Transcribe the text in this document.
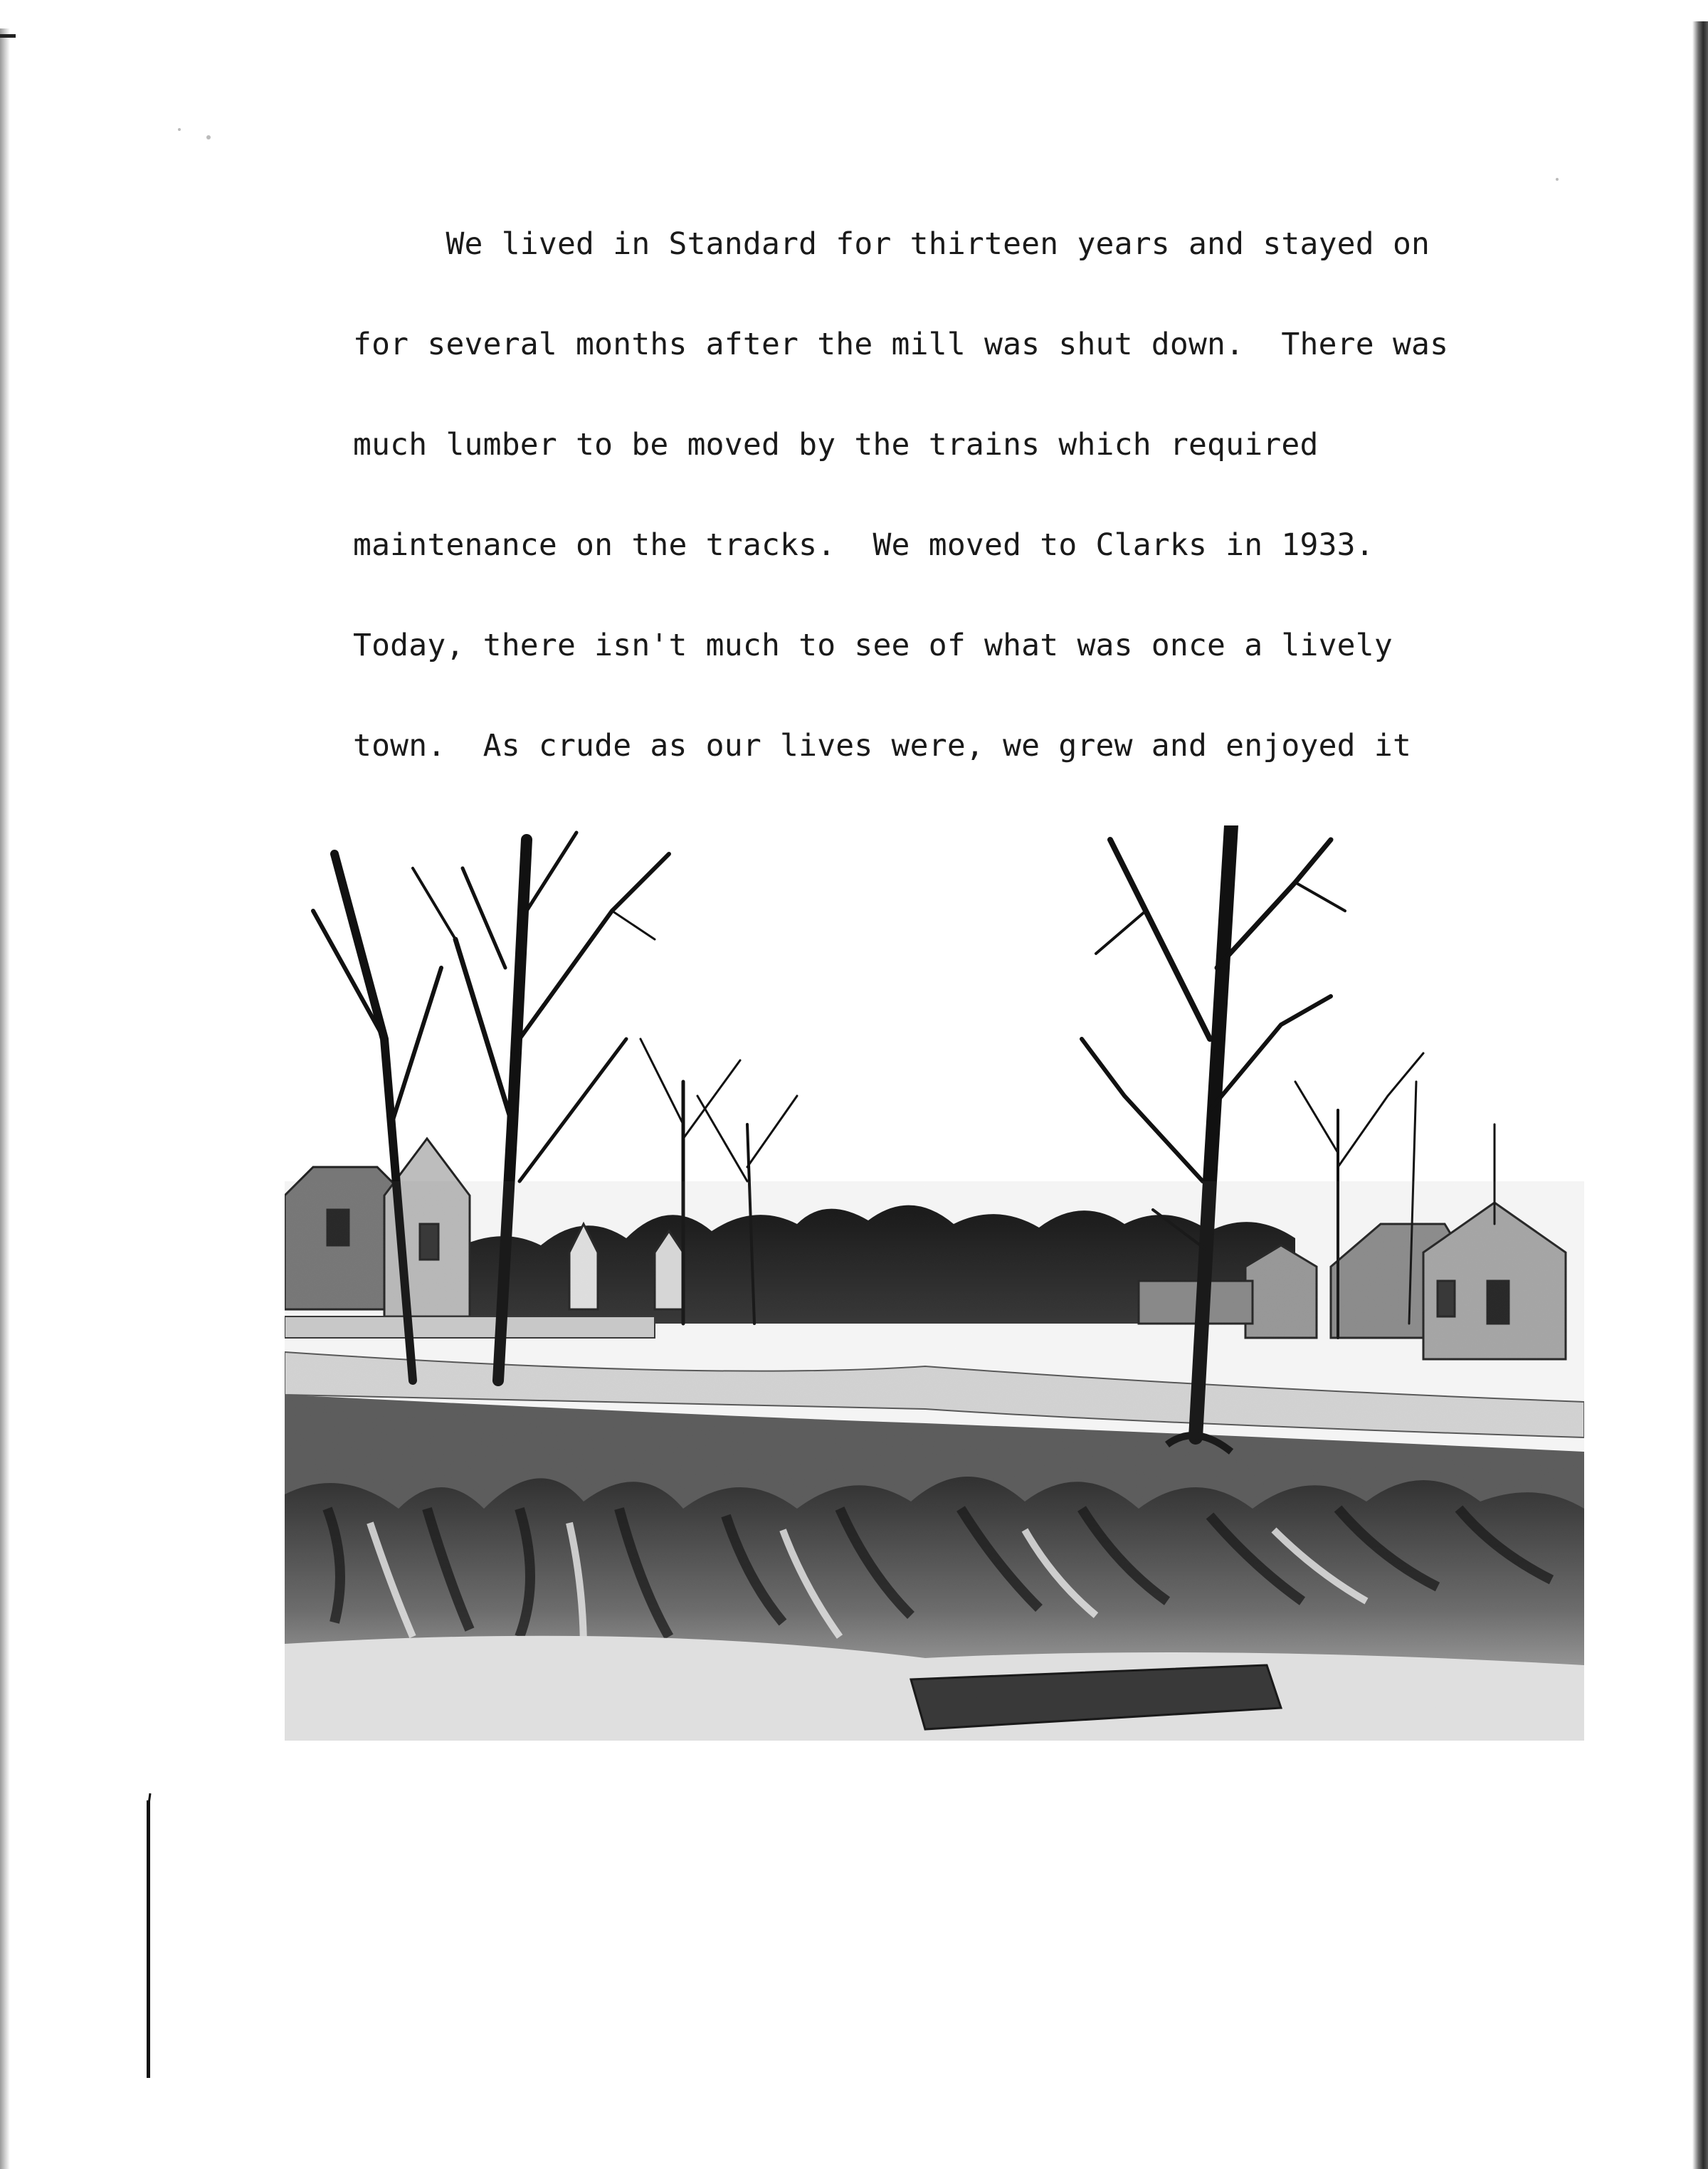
We lived in Standard for thirteen years and stayed on

for several months after the mill was shut down.  There was

much lumber to be moved by the trains which required

maintenance on the tracks.  We moved to Clarks in 1933.

Today, there isn't much to see of what was once a lively

town.  As crude as our lives were, we grew and enjoyed it
